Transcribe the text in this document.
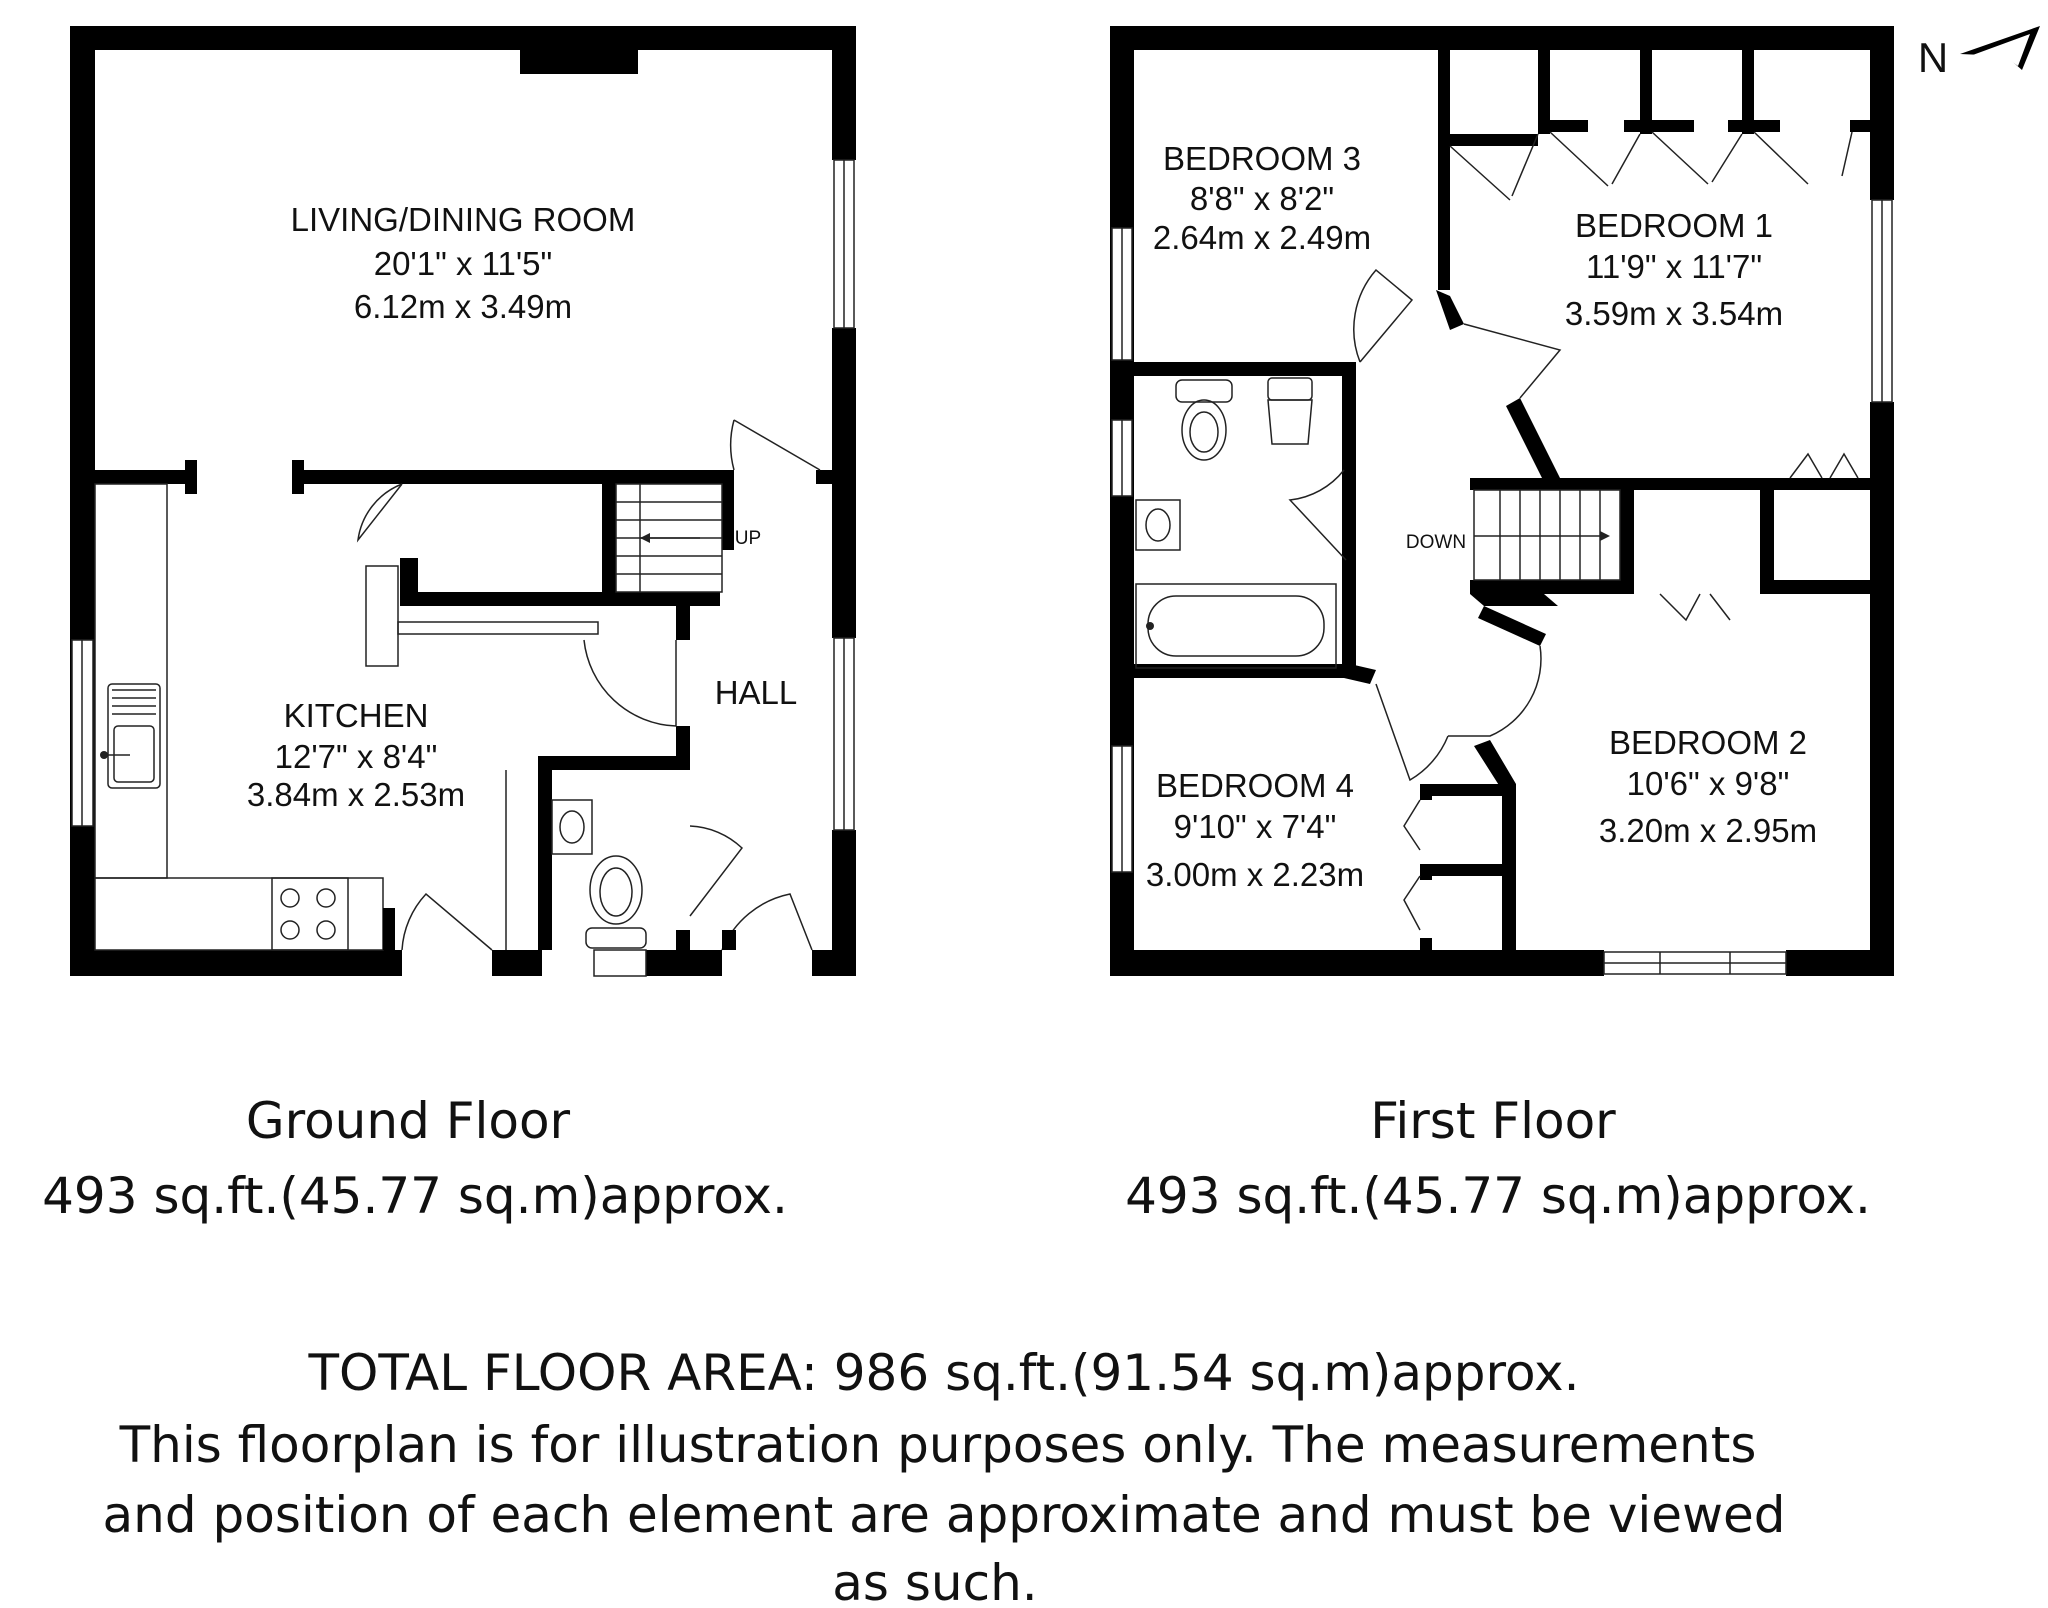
N
LIVING/DINING ROOM
20'1" x 11'5"
6.12m x 3.49m
KITCHEN
12'7" x 8'4"
3.84m x 2.53m
HALL
UP
BEDROOM 3
8'8" x 8'2"
2.64m x 2.49m	BEDROOM 1
11'9" x 11'7"
3.59m x 3.54m
BEDROOM 4
9'10" x 7'4"
3.00m x 2.23m
BEDROOM 2
10'6" x 9'8"
3.20m x 2.95m
DOWN
Ground Floor
493 sq.ft.(45.77 sq.m)approx.
First Floor
493 sq.ft.(45.77 sq.m)approx.
TOTAL FLOOR AREA: 986 sq.ft.(91.54 sq.m)approx.
This floorplan is for illustration purposes only. The measurements
and position of each element are approximate and must be viewed
as such.
